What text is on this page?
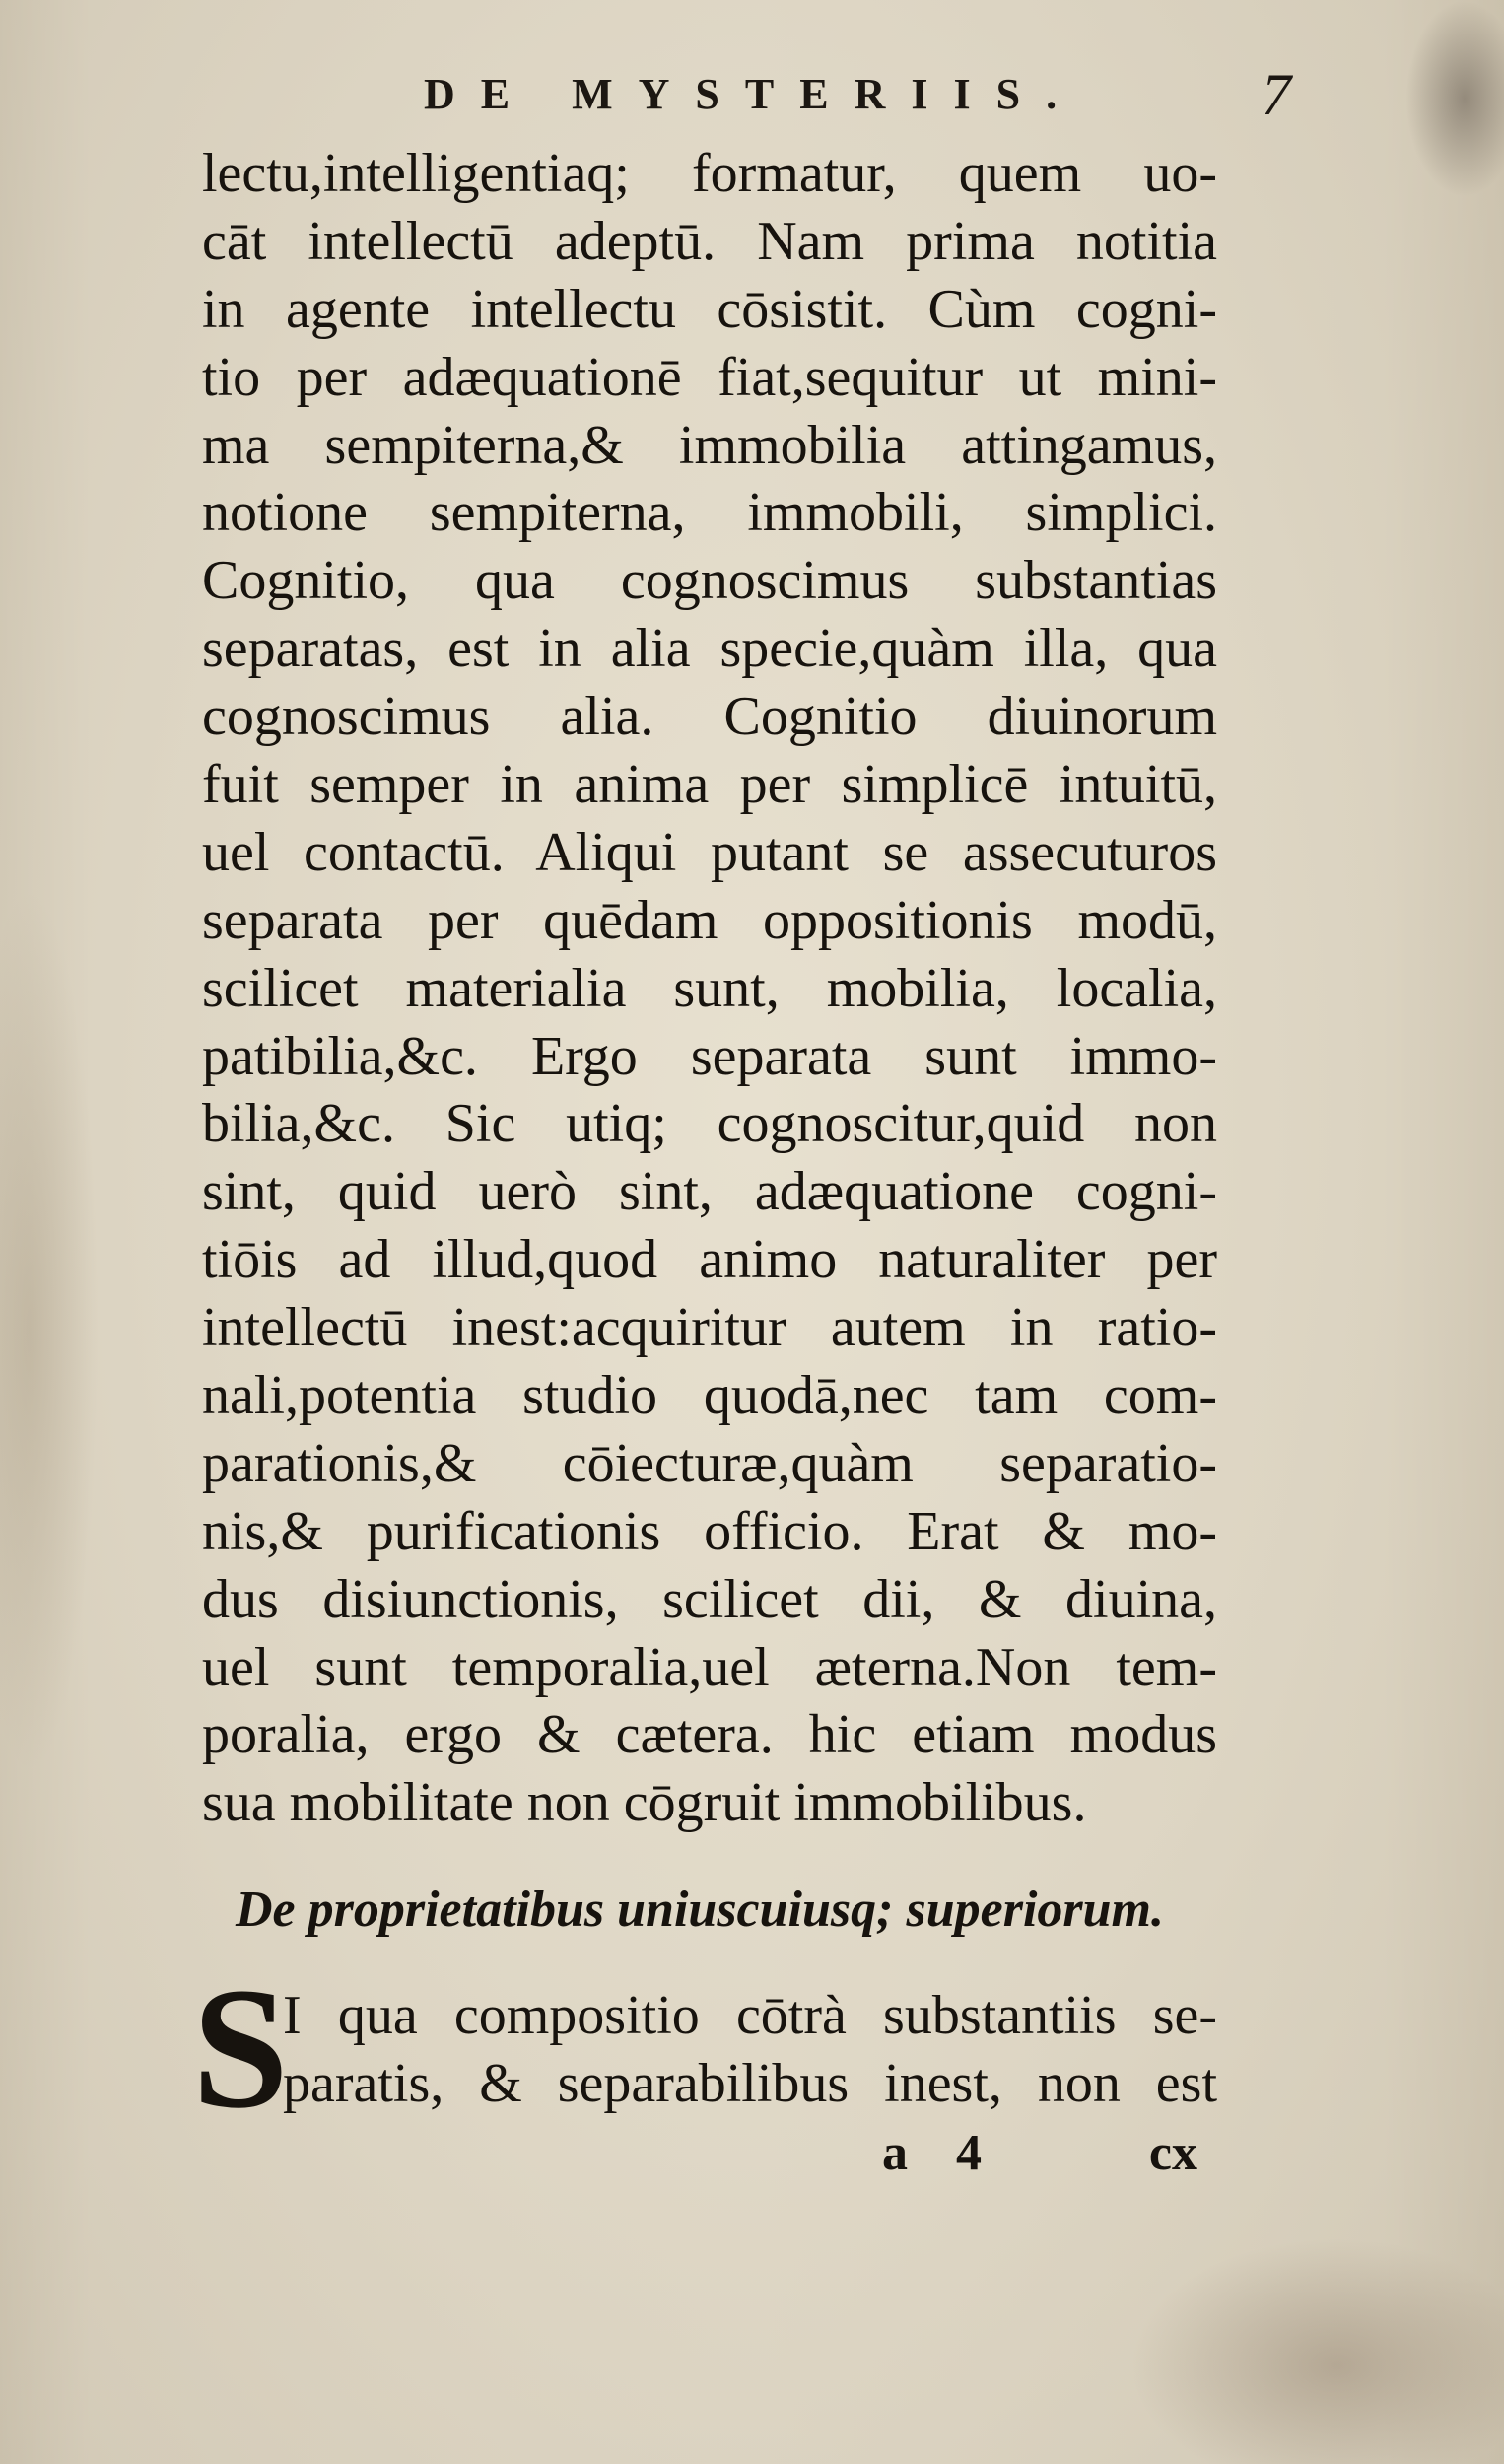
DE MYSTERIIS.	7
lectu,intelligentiaq; formatur, quem uo-
cāt intellectū adeptū. Nam prima notitia
in agente intellectu cōsistit. Cùm cogni-
tio per adæquationē fiat,sequitur ut mini-
ma sempiterna,& immobilia attingamus,
notione sempiterna, immobili, simplici.
Cognitio, qua cognoscimus substantias
separatas, est in alia specie,quàm illa, qua
cognoscimus alia. Cognitio diuinorum
fuit semper in anima per simplicē intuitū,
uel contactū. Aliqui putant se assecuturos
separata per quēdam oppositionis modū,
scilicet materialia sunt, mobilia, localia,
patibilia,&c. Ergo separata sunt immo-
bilia,&c. Sic utiq; cognoscitur,quid non
sint, quid uerò sint, adæquatione cogni-
tiōis ad illud,quod animo naturaliter per
intellectū inest:acquiritur autem in ratio-
nali,potentia studio quodā,nec tam com-
parationis,& cōiecturæ,quàm separatio-
nis,& purificationis officio. Erat & mo-
dus disiunctionis, scilicet dii, & diuina,
uel sunt temporalia,uel æterna.Non tem-
poralia, ergo & cætera. hic etiam modus
sua mobilitate non cōgruit immobilibus.
De proprietatibus uniuscuiusq; superiorum.
S
I qua compositio cōtrà substantiis se-
paratis, & separabilibus inest, non est
a 4	cx
